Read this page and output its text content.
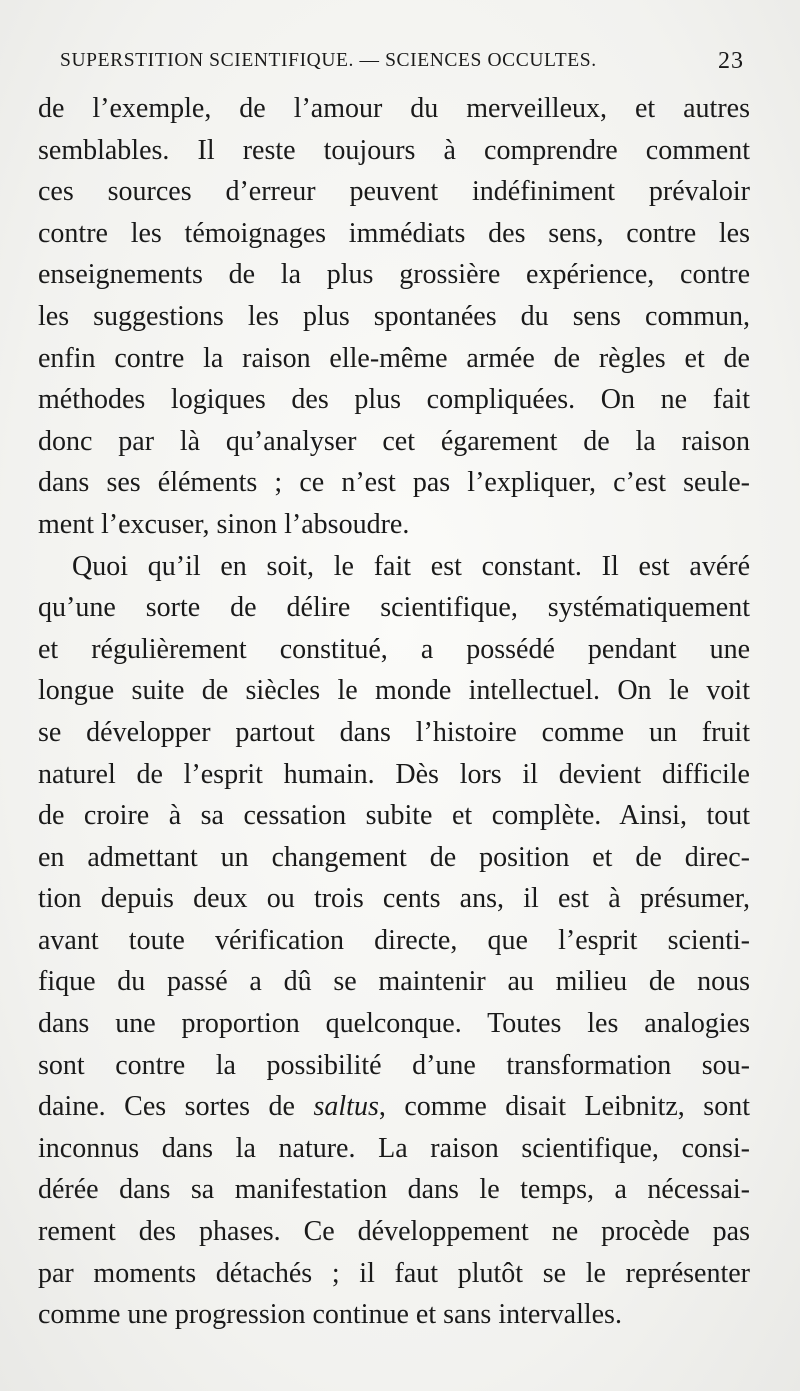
SUPERSTITION SCIENTIFIQUE. — SCIENCES OCCULTES.	23
de l’exemple, de l’amour du merveilleux, et autres
semblables. Il reste toujours à comprendre comment
ces sources d’erreur peuvent indéfiniment prévaloir
contre les témoignages immédiats des sens, contre les
enseignements de la plus grossière expérience, contre
les suggestions les plus spontanées du sens commun,
enfin contre la raison elle-même armée de règles et de
méthodes logiques des plus compliquées. On ne fait
donc par là qu’analyser cet égarement de la raison
dans ses éléments ; ce n’est pas l’expliquer, c’est seule-
ment l’excuser, sinon l’absoudre.
Quoi qu’il en soit, le fait est constant. Il est avéré
qu’une sorte de délire scientifique, systématiquement
et régulièrement constitué, a possédé pendant une
longue suite de siècles le monde intellectuel. On le voit
se développer partout dans l’histoire comme un fruit
naturel de l’esprit humain. Dès lors il devient difficile
de croire à sa cessation subite et complète. Ainsi, tout
en admettant un changement de position et de direc-
tion depuis deux ou trois cents ans, il est à présumer,
avant toute vérification directe, que l’esprit scienti-
fique du passé a dû se maintenir au milieu de nous
dans une proportion quelconque. Toutes les analogies
sont contre la possibilité d’une transformation sou-
daine. Ces sortes de saltus, comme disait Leibnitz, sont
inconnus dans la nature. La raison scientifique, consi-
dérée dans sa manifestation dans le temps, a nécessai-
rement des phases. Ce développement ne procède pas
par moments détachés ; il faut plutôt se le représenter
comme une progression continue et sans intervalles.
